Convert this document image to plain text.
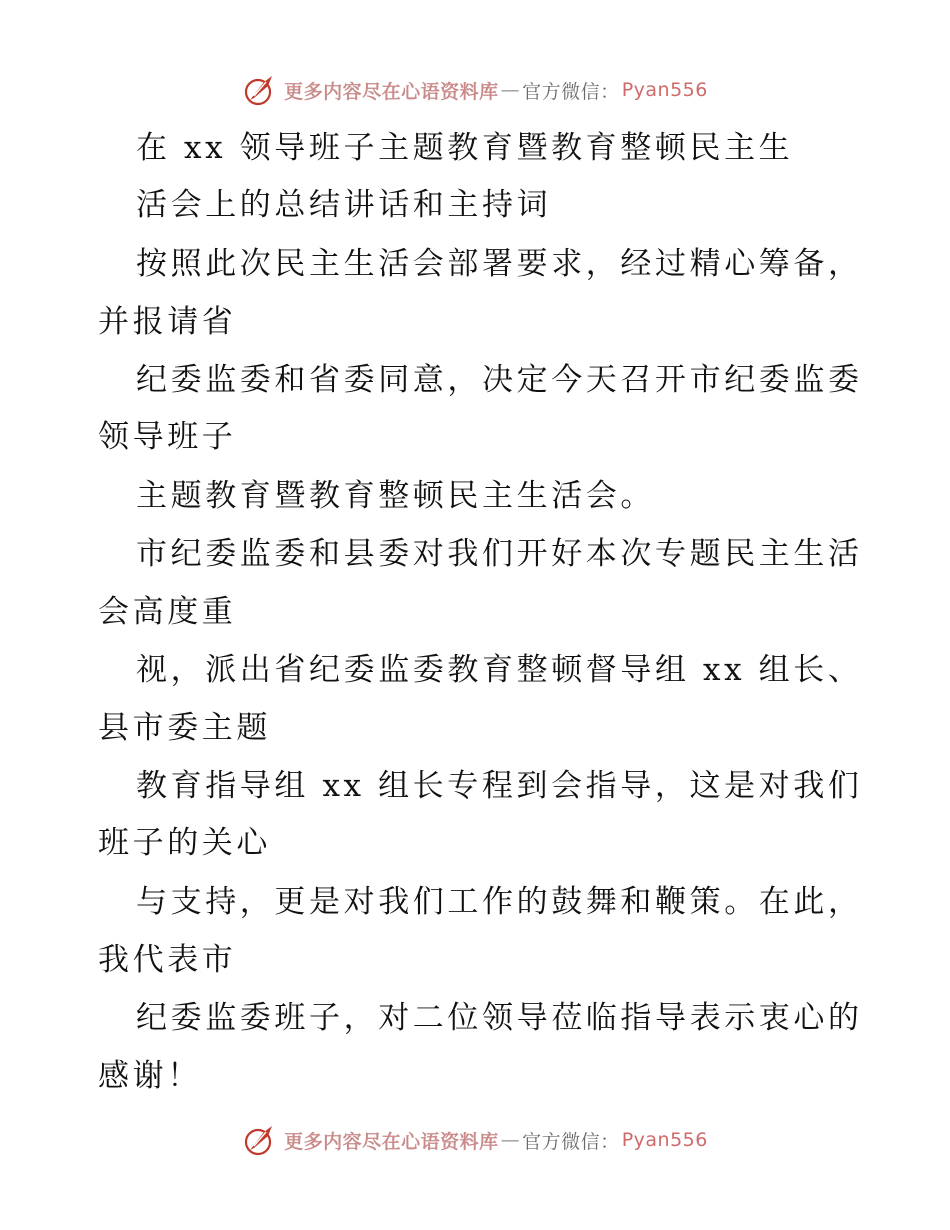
更多内容尽在心语资料库 — 官方微信 ： Pyan556
在 xx 领导班子主题教育暨教育整顿民主生
活会上的总结讲话和主持词
按照此次民主生活会部署要求，经过精心筹备，
并报请省
纪委监委和省委同意，决定今天召开市纪委监委
领导班子
主题教育暨教育整顿民主生活会。
市纪委监委和县委对我们开好本次专题民主生活
会高度重
视，派出省纪委监委教育整顿督导组 xx 组长、
县市委主题
教育指导组 xx 组长专程到会指导，这是对我们
班子的关心
与支持，更是对我们工作的鼓舞和鞭策。在此，
我代表市
纪委监委班子，对二位领导莅临指导表示衷心的
感谢！
更多内容尽在心语资料库 — 官方微信 ： Pyan556
